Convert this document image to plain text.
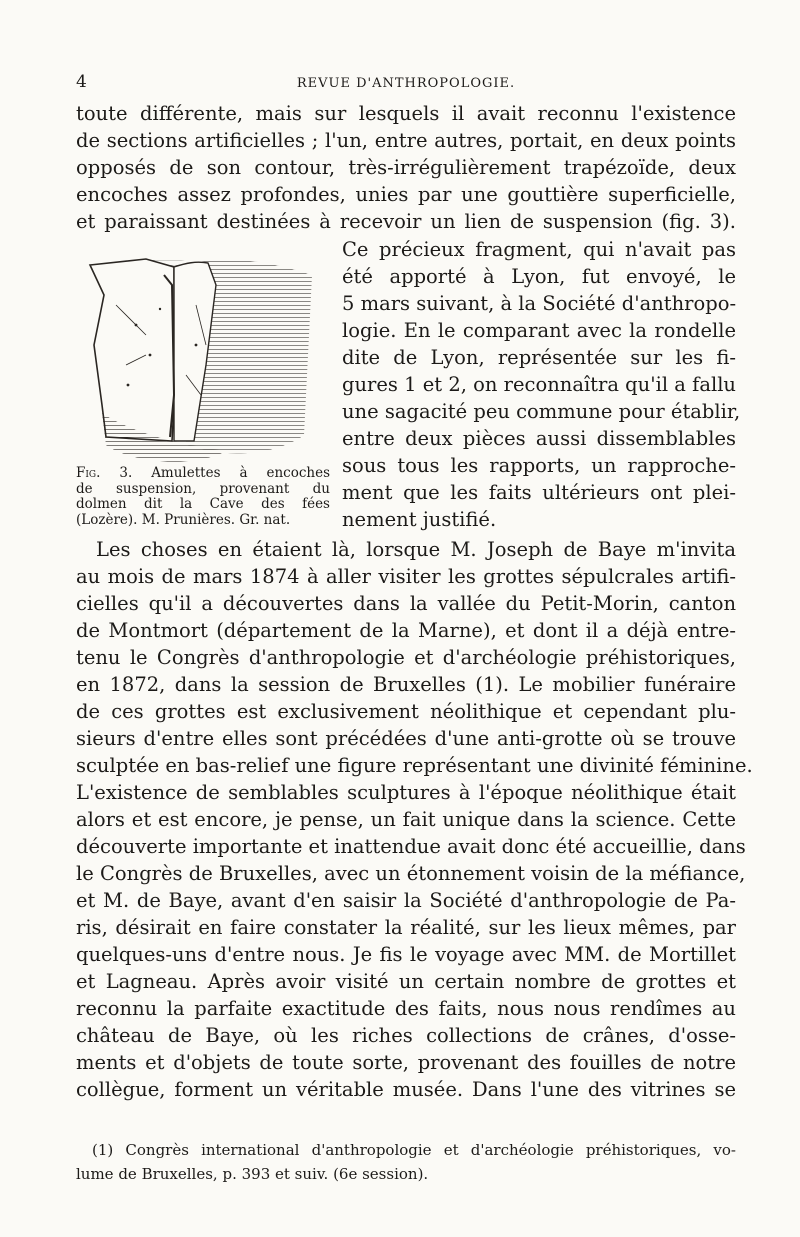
4	REVUE D'ANTHROPOLOGIE.
toute différente, mais sur lesquels il avait reconnu l'existence
de sections artificielles ; l'un, entre autres, portait, en deux points
opposés de son contour, très-irrégulièrement trapézoïde, deux
encoches assez profondes, unies par une gouttière superficielle,
et paraissant destinées à recevoir un lien de suspension (fig. 3).
Ce précieux fragment, qui n'avait pas
été apporté à Lyon, fut envoyé, le
5 mars suivant, à la Société d'anthropo-
logie. En le comparant avec la rondelle
dite de Lyon, représentée sur les fi-
gures 1 et 2, on reconnaîtra qu'il a fallu
une sagacité peu commune pour établir,
entre deux pièces aussi dissemblables
sous tous les rapports, un rapproche-
ment que les faits ultérieurs ont plei-
nement justifié.
Fig. 3. Amulettes à encoches
de suspension, provenant du
dolmen dit la Cave des fées
(Lozère). M. Prunières. Gr. nat.
Les choses en étaient là, lorsque M. Joseph de Baye m'invita
au mois de mars 1874 à aller visiter les grottes sépulcrales artifi-
cielles qu'il a découvertes dans la vallée du Petit-Morin, canton
de Montmort (département de la Marne), et dont il a déjà entre-
tenu le Congrès d'anthropologie et d'archéologie préhistoriques,
en 1872, dans la session de Bruxelles (1). Le mobilier funéraire
de ces grottes est exclusivement néolithique et cependant plu-
sieurs d'entre elles sont précédées d'une anti-grotte où se trouve
sculptée en bas-relief une figure représentant une divinité féminine.
L'existence de semblables sculptures à l'époque néolithique était
alors et est encore, je pense, un fait unique dans la science. Cette
découverte importante et inattendue avait donc été accueillie, dans
le Congrès de Bruxelles, avec un étonnement voisin de la méfiance,
et M. de Baye, avant d'en saisir la Société d'anthropologie de Pa-
ris, désirait en faire constater la réalité, sur les lieux mêmes, par
quelques-uns d'entre nous. Je fis le voyage avec MM. de Mortillet
et Lagneau. Après avoir visité un certain nombre de grottes et
reconnu la parfaite exactitude des faits, nous nous rendîmes au
château de Baye, où les riches collections de crânes, d'osse-
ments et d'objets de toute sorte, provenant des fouilles de notre
collègue, forment un véritable musée. Dans l'une des vitrines se
(1) Congrès international d'anthropologie et d'archéologie préhistoriques, vo-
lume de Bruxelles, p. 393 et suiv. (6e session).
